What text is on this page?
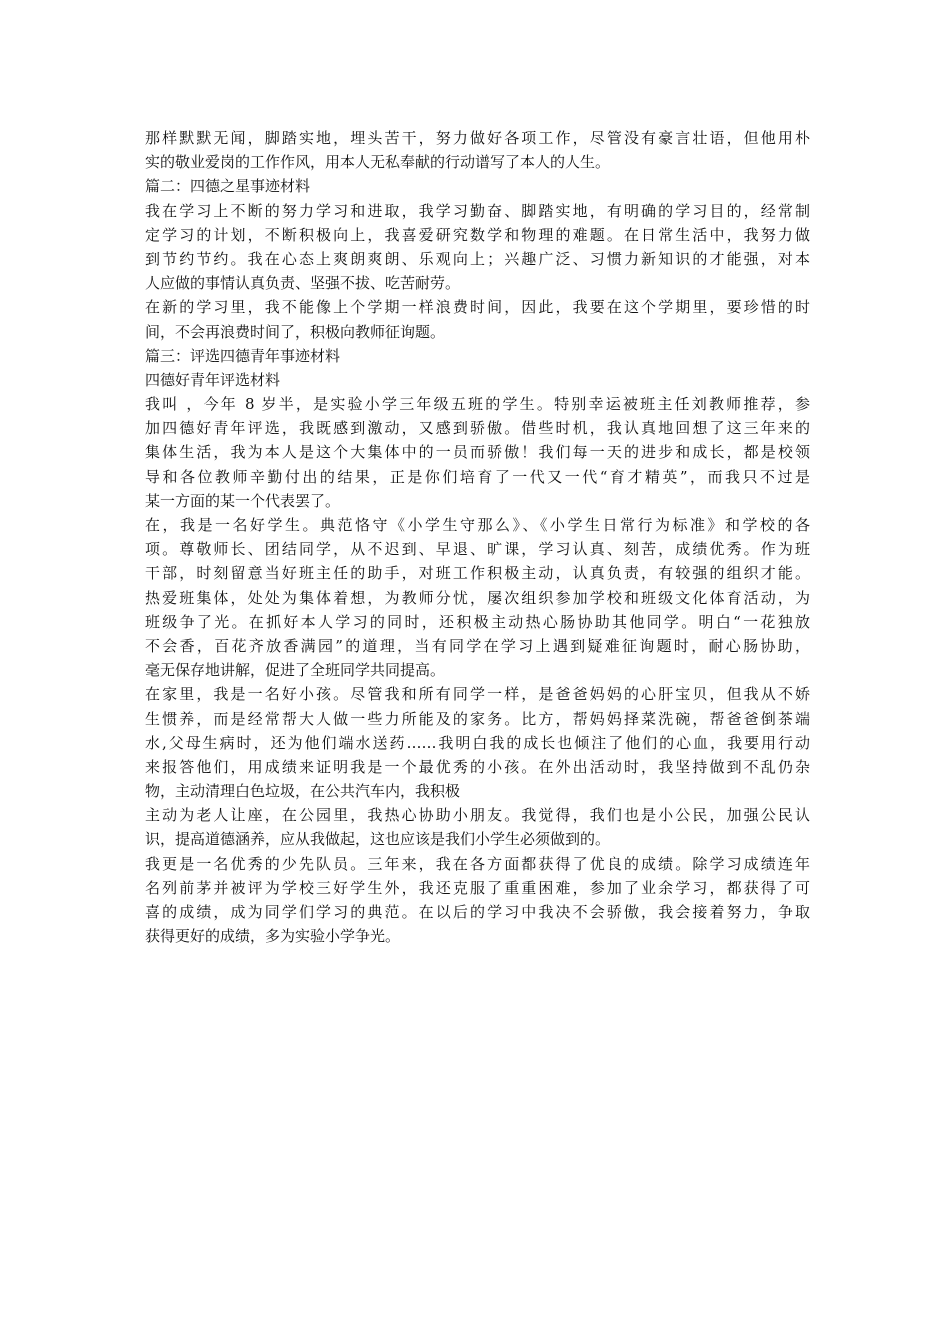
那样默默无闻，脚踏实地，埋头苦干，努力做好各项工作，尽管没有豪言壮语，但他用朴
实的敬业爱岗的工作作风，用本人无私奉献的行动谱写了本人的人生。
篇二：四德之星事迹材料
我在学习上不断的努力学习和进取，我学习勤奋、脚踏实地，有明确的学习目的，经常制
定学习的计划，不断积极向上，我喜爱研究数学和物理的难题。在日常生活中，我努力做
到节约节约。我在心态上爽朗爽朗、乐观向上；兴趣广泛、习惯力新知识的才能强，对本
人应做的事情认真负责、坚强不拔、吃苦耐劳。
在新的学习里，我不能像上个学期一样浪费时间，因此，我要在这个学期里，要珍惜的时
间，不会再浪费时间了，积极向教师征询题。
篇三：评选四德青年事迹材料
四德好青年评选材料
我叫 ，今年 8 岁半，是实验小学三年级五班的学生。特别幸运被班主任刘教师推荐，参
加四德好青年评选，我既感到激动，又感到骄傲。借些时机，我认真地回想了这三年来的
集体生活，我为本人是这个大集体中的一员而骄傲！我们每一天的进步和成长，都是校领
导和各位教师辛勤付出的结果，正是你们培育了一代又一代“育才精英”，而我只不过是
某一方面的某一个代表罢了。
在，我是一名好学生。典范恪守《小学生守那么》、《小学生日常行为标准》和学校的各
项。尊敬师长、团结同学，从不迟到、早退、旷课，学习认真、刻苦，成绩优秀。作为班
干部，时刻留意当好班主任的助手，对班工作积极主动，认真负责，有较强的组织才能。
热爱班集体，处处为集体着想，为教师分忧，屡次组织参加学校和班级文化体育活动，为
班级争了光。在抓好本人学习的同时，还积极主动热心肠协助其他同学。明白“一花独放
不会香，百花齐放香满园”的道理，当有同学在学习上遇到疑难征询题时，耐心肠协助，
毫无保存地讲解，促进了全班同学共同提高。
在家里，我是一名好小孩。尽管我和所有同学一样，是爸爸妈妈的心肝宝贝，但我从不娇
生惯养，而是经常帮大人做一些力所能及的家务。比方，帮妈妈择菜洗碗，帮爸爸倒茶端
水,父母生病时，还为他们端水送药……我明白我的成长也倾注了他们的心血，我要用行动
来报答他们，用成绩来证明我是一个最优秀的小孩。在外出活动时，我坚持做到不乱仍杂
物，主动清理白色垃圾，在公共汽车内，我积极
主动为老人让座，在公园里，我热心协助小朋友。我觉得，我们也是小公民，加强公民认
识，提高道德涵养，应从我做起，这也应该是我们小学生必须做到的。
我更是一名优秀的少先队员。三年来，我在各方面都获得了优良的成绩。除学习成绩连年
名列前茅并被评为学校三好学生外，我还克服了重重困难，参加了业余学习，都获得了可
喜的成绩，成为同学们学习的典范。在以后的学习中我决不会骄傲，我会接着努力，争取
获得更好的成绩，多为实验小学争光。
